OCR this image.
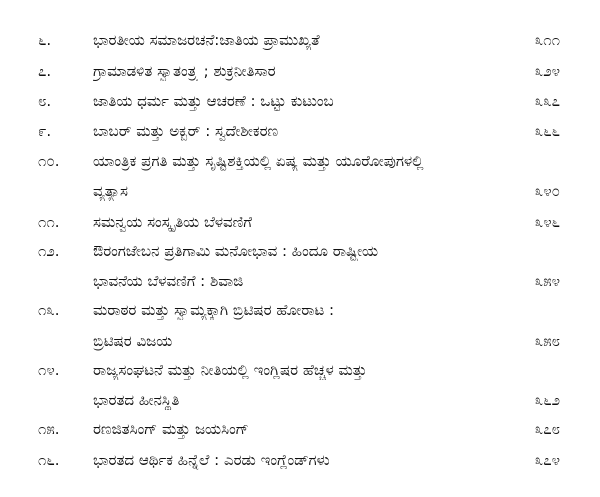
೬.	ಭಾರತೀಯ ಸಮಾಜರಚನೆ:ಜಾತಿಯ ಪ್ರಾಮುಖ್ಯತೆ	೩೧೧
೭.	ಗ್ರಾಮಾಡಳಿತ ಸ್ವಾತಂತ್ರ್ಯ ; ಶುಕ್ರನೀತಿಸಾರ	೩೨೪
೮.	ಜಾತಿಯ ಧರ್ಮ ಮತ್ತು ಆಚರಣೆ : ಒಟ್ಟು ಕುಟುಂಬ	೩೩೭
೯.	ಬಾಬರ್ ಮತ್ತು ಅಕ್ಬರ್ : ಸ್ವದೇಶೀಕರಣ	೩೬೬
೧೦.	ಯಾಂತ್ರಿಕ ಪ್ರಗತಿ ಮತ್ತು ಸೃಷ್ಟಿಶಕ್ತಿಯಲ್ಲಿ ಏಷ್ಯ ಮತ್ತು ಯೂರೋಪುಗಳಲ್ಲಿ
ವ್ಯತ್ಯಾಸ	೩೪೦
೧೧.	ಸಮನ್ವಯ ಸಂಸ್ಕೃತಿಯ ಬೆಳವಣಿಗೆ	೩೪೬
೧೨.	ಔರಂಗಜೇಬನ ಪ್ರತಿಗಾಮಿ ಮನೋಭಾವ : ಹಿಂದೂ ರಾಷ್ಟ್ರೀಯ
ಭಾವನೆಯ ಬೆಳವಣಿಗೆ : ಶಿವಾಜಿ	೩೫೪
೧೩.	ಮರಾಠರ ಮತ್ತು ಸ್ವಾಮ್ಯಕ್ಕಾಗಿ ಬ್ರಿಟಿಷರ ಹೋರಾಟ :
ಬ್ರಿಟಿಷರ ವಿಜಯ	೩೫೮
೧೪.	ರಾಜ್ಯಸಂಘಟನೆ ಮತ್ತು ನೀತಿಯಲ್ಲಿ ಇಂಗ್ಲಿಷರ ಹೆಚ್ಚಳ ಮತ್ತು
ಭಾರತದ ಹೀನಸ್ಥಿತಿ	೩೬೨
೧೫.	ರಣಜಿತಸಿಂಗ್ ಮತ್ತು ಜಯಸಿಂಗ್	೩೭೮
೧೬.	ಭಾರತದ ಆರ್ಥಿಕ ಹಿನ್ನೆಲೆ : ಎರಡು ಇಂಗ್ಲೆಂಡ್‌ಗಳು	೩೭೪
